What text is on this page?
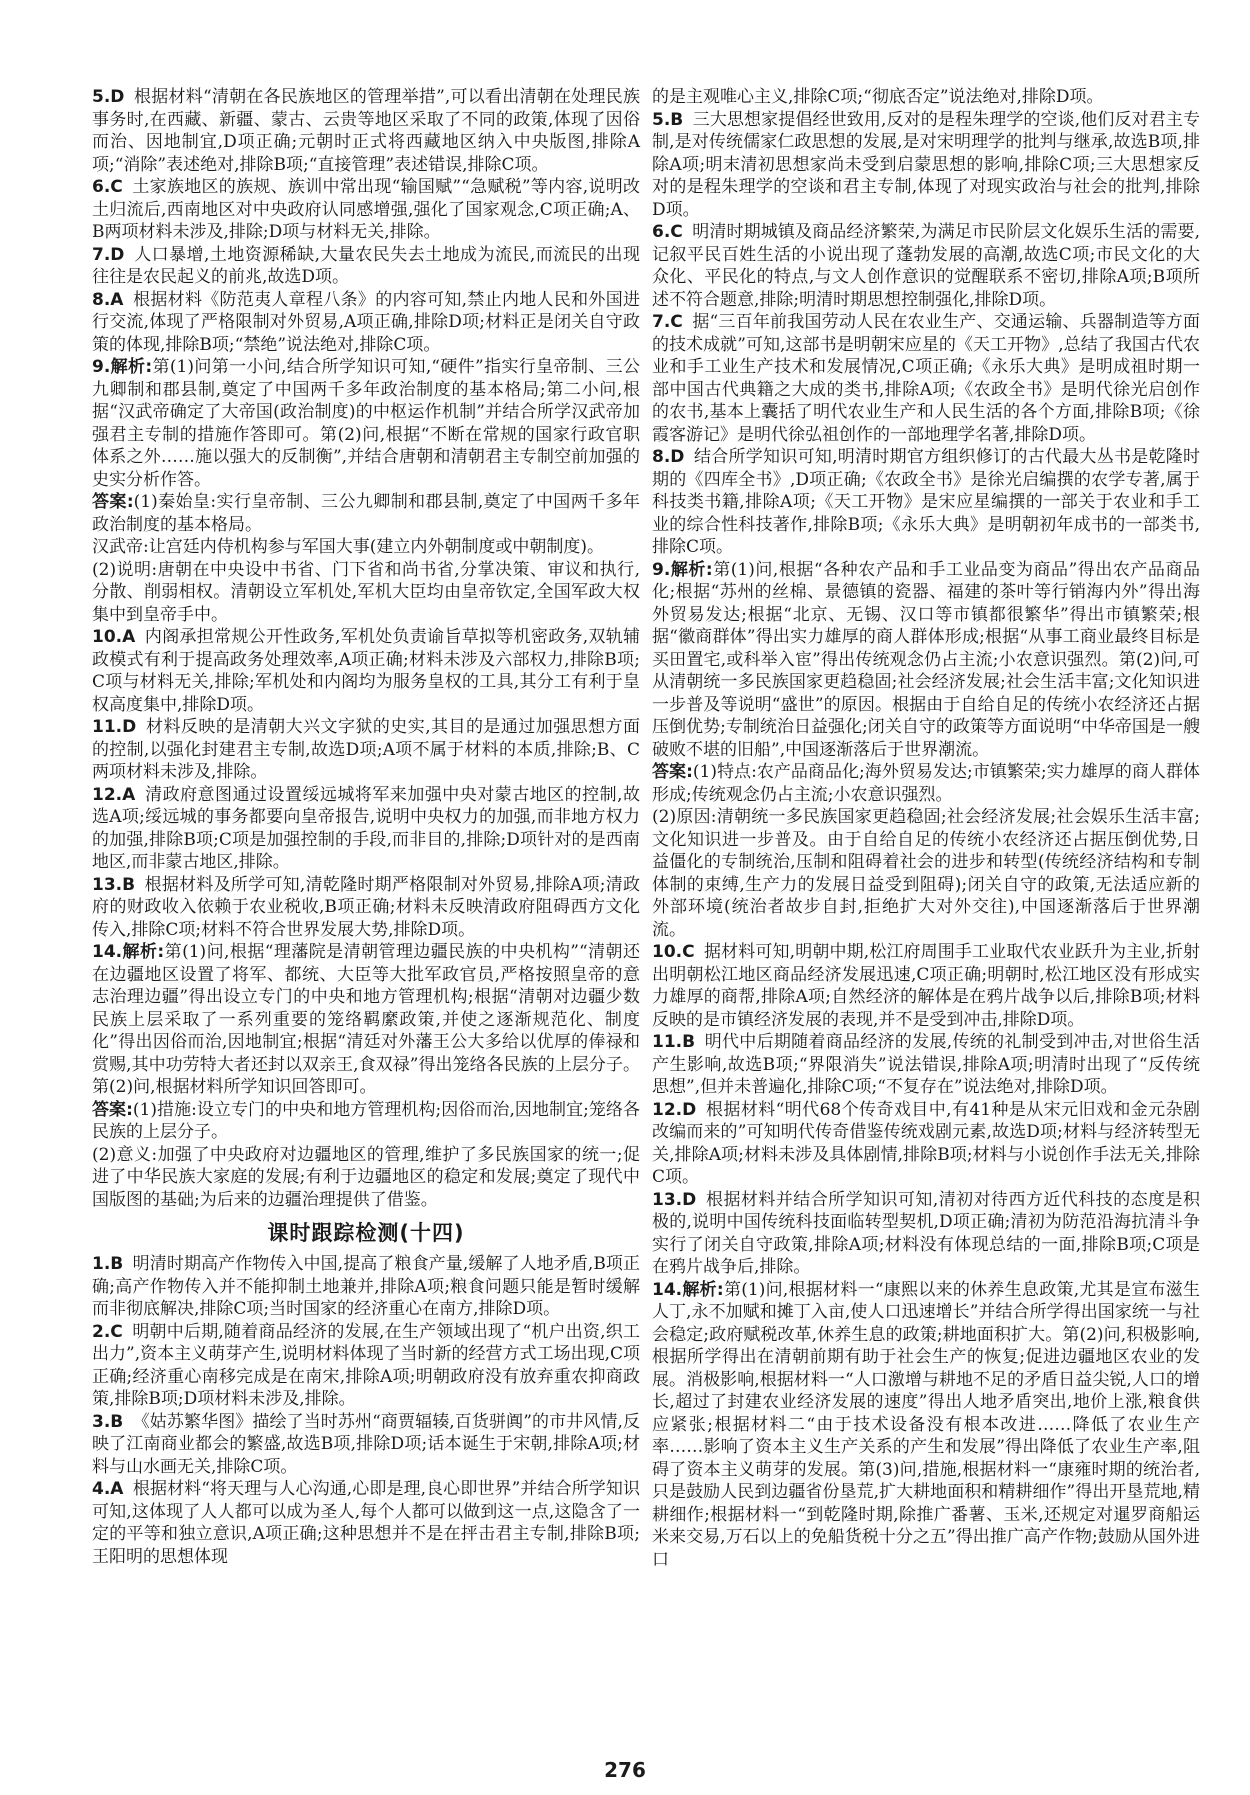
5.D 根据材料“清朝在各民族地区的管理举措”,可以看出清朝在处理民族事务时,在西藏、新疆、蒙古、云贵等地区采取了不同的政策,体现了因俗而治、因地制宜,D项正确;元朝时正式将西藏地区纳入中央版图,排除A项;“消除”表述绝对,排除B项;“直接管理”表述错误,排除C项。

6.C 土家族地区的族规、族训中常出现“输国赋”“急赋税”等内容,说明改土归流后,西南地区对中央政府认同感增强,强化了国家观念,C项正确;A、B两项材料未涉及,排除;D项与材料无关,排除。

7.D 人口暴增,土地资源稀缺,大量农民失去土地成为流民,而流民的出现往往是农民起义的前兆,故选D项。

8.A 根据材料《防范夷人章程八条》的内容可知,禁止内地人民和外国进行交流,体现了严格限制对外贸易,A项正确,排除D项;材料正是闭关自守政策的体现,排除B项;“禁绝”说法绝对,排除C项。

9.解析:第(1)问第一小问,结合所学知识可知,“硬件”指实行皇帝制、三公九卿制和郡县制,奠定了中国两千多年政治制度的基本格局;第二小问,根据“汉武帝确定了大帝国(政治制度)的中枢运作机制”并结合所学汉武帝加强君主专制的措施作答即可。第(2)问,根据“不断在常规的国家行政官职体系之外……施以强大的反制衡”,并结合唐朝和清朝君主专制空前加强的史实分析作答。

答案:(1)秦始皇:实行皇帝制、三公九卿制和郡县制,奠定了中国两千多年政治制度的基本格局。

汉武帝:让宫廷内侍机构参与军国大事(建立内外朝制度或中朝制度)。

(2)说明:唐朝在中央设中书省、门下省和尚书省,分掌决策、审议和执行,分散、削弱相权。清朝设立军机处,军机大臣均由皇帝钦定,全国军政大权集中到皇帝手中。

10.A 内阁承担常规公开性政务,军机处负责谕旨草拟等机密政务,双轨辅政模式有利于提高政务处理效率,A项正确;材料未涉及六部权力,排除B项;C项与材料无关,排除;军机处和内阁均为服务皇权的工具,其分工有利于皇权高度集中,排除D项。

11.D 材料反映的是清朝大兴文字狱的史实,其目的是通过加强思想方面的控制,以强化封建君主专制,故选D项;A项不属于材料的本质,排除;B、C两项材料未涉及,排除。

12.A 清政府意图通过设置绥远城将军来加强中央对蒙古地区的控制,故选A项;绥远城的事务都要向皇帝报告,说明中央权力的加强,而非地方权力的加强,排除B项;C项是加强控制的手段,而非目的,排除;D项针对的是西南地区,而非蒙古地区,排除。

13.B 根据材料及所学可知,清乾隆时期严格限制对外贸易,排除A项;清政府的财政收入依赖于农业税收,B项正确;材料未反映清政府阻碍西方文化传入,排除C项;材料不符合世界发展大势,排除D项。

14.解析:第(1)问,根据“理藩院是清朝管理边疆民族的中央机构”“清朝还在边疆地区设置了将军、都统、大臣等大批军政官员,严格按照皇帝的意志治理边疆”得出设立专门的中央和地方管理机构;根据“清朝对边疆少数民族上层采取了一系列重要的笼络羁縻政策,并使之逐渐规范化、制度化”得出因俗而治,因地制宜;根据“清廷对外藩王公大多给以优厚的俸禄和赏赐,其中功劳特大者还封以双亲王,食双禄”得出笼络各民族的上层分子。第(2)问,根据材料所学知识回答即可。

答案:(1)措施:设立专门的中央和地方管理机构;因俗而治,因地制宜;笼络各民族的上层分子。

(2)意义:加强了中央政府对边疆地区的管理,维护了多民族国家的统一;促进了中华民族大家庭的发展;有利于边疆地区的稳定和发展;奠定了现代中国版图的基础;为后来的边疆治理提供了借鉴。

课时跟踪检测(十四)

1.B 明清时期高产作物传入中国,提高了粮食产量,缓解了人地矛盾,B项正确;高产作物传入并不能抑制土地兼并,排除A项;粮食问题只能是暂时缓解而非彻底解决,排除C项;当时国家的经济重心在南方,排除D项。

2.C 明朝中后期,随着商品经济的发展,在生产领域出现了“机户出资,织工出力”,资本主义萌芽产生,说明材料体现了当时新的经营方式工场出现,C项正确;经济重心南移完成是在南宋,排除A项;明朝政府没有放弃重农抑商政策,排除B项;D项材料未涉及,排除。

3.B 《姑苏繁华图》描绘了当时苏州“商贾辐辏,百货骈阗”的市井风情,反映了江南商业都会的繁盛,故选B项,排除D项;话本诞生于宋朝,排除A项;材料与山水画无关,排除C项。

4.A 根据材料“将天理与人心沟通,心即是理,良心即世界”并结合所学知识可知,这体现了人人都可以成为圣人,每个人都可以做到这一点,这隐含了一定的平等和独立意识,A项正确;这种思想并不是在抨击君主专制,排除B项;王阳明的思想体现

的是主观唯心主义,排除C项;“彻底否定”说法绝对,排除D项。

5.B 三大思想家提倡经世致用,反对的是程朱理学的空谈,他们反对君主专制,是对传统儒家仁政思想的发展,是对宋明理学的批判与继承,故选B项,排除A项;明末清初思想家尚未受到启蒙思想的影响,排除C项;三大思想家反对的是程朱理学的空谈和君主专制,体现了对现实政治与社会的批判,排除D项。

6.C 明清时期城镇及商品经济繁荣,为满足市民阶层文化娱乐生活的需要,记叙平民百姓生活的小说出现了蓬勃发展的高潮,故选C项;市民文化的大众化、平民化的特点,与文人创作意识的觉醒联系不密切,排除A项;B项所述不符合题意,排除;明清时期思想控制强化,排除D项。

7.C 据“三百年前我国劳动人民在农业生产、交通运输、兵器制造等方面的技术成就”可知,这部书是明朝宋应星的《天工开物》,总结了我国古代农业和手工业生产技术和发展情况,C项正确;《永乐大典》是明成祖时期一部中国古代典籍之大成的类书,排除A项;《农政全书》是明代徐光启创作的农书,基本上囊括了明代农业生产和人民生活的各个方面,排除B项;《徐霞客游记》是明代徐弘祖创作的一部地理学名著,排除D项。

8.D 结合所学知识可知,明清时期官方组织修订的古代最大丛书是乾隆时期的《四库全书》,D项正确;《农政全书》是徐光启编撰的农学专著,属于科技类书籍,排除A项;《天工开物》是宋应星编撰的一部关于农业和手工业的综合性科技著作,排除B项;《永乐大典》是明朝初年成书的一部类书,排除C项。

9.解析:第(1)问,根据“各种农产品和手工业品变为商品”得出农产品商品化;根据“苏州的丝棉、景德镇的瓷器、福建的茶叶等行销海内外”得出海外贸易发达;根据“北京、无锡、汉口等市镇都很繁华”得出市镇繁荣;根据“徽商群体”得出实力雄厚的商人群体形成;根据“从事工商业最终目标是买田置宅,或科举入宦”得出传统观念仍占主流;小农意识强烈。第(2)问,可从清朝统一多民族国家更趋稳固;社会经济发展;社会生活丰富;文化知识进一步普及等说明“盛世”的原因。根据由于自给自足的传统小农经济还占据压倒优势;专制统治日益强化;闭关自守的政策等方面说明“中华帝国是一艘破败不堪的旧船”,中国逐渐落后于世界潮流。

答案:(1)特点:农产品商品化;海外贸易发达;市镇繁荣;实力雄厚的商人群体形成;传统观念仍占主流;小农意识强烈。

(2)原因:清朝统一多民族国家更趋稳固;社会经济发展;社会娱乐生活丰富;文化知识进一步普及。由于自给自足的传统小农经济还占据压倒优势,日益僵化的专制统治,压制和阻碍着社会的进步和转型(传统经济结构和专制体制的束缚,生产力的发展日益受到阻碍);闭关自守的政策,无法适应新的外部环境(统治者故步自封,拒绝扩大对外交往),中国逐渐落后于世界潮流。

10.C 据材料可知,明朝中期,松江府周围手工业取代农业跃升为主业,折射出明朝松江地区商品经济发展迅速,C项正确;明朝时,松江地区没有形成实力雄厚的商帮,排除A项;自然经济的解体是在鸦片战争以后,排除B项;材料反映的是市镇经济发展的表现,并不是受到冲击,排除D项。

11.B 明代中后期随着商品经济的发展,传统的礼制受到冲击,对世俗生活产生影响,故选B项;“界限消失”说法错误,排除A项;明清时出现了“反传统思想”,但并未普遍化,排除C项;“不复存在”说法绝对,排除D项。

12.D 根据材料“明代68个传奇戏目中,有41种是从宋元旧戏和金元杂剧改编而来的”可知明代传奇借鉴传统戏剧元素,故选D项;材料与经济转型无关,排除A项;材料未涉及具体剧情,排除B项;材料与小说创作手法无关,排除C项。

13.D 根据材料并结合所学知识可知,清初对待西方近代科技的态度是积极的,说明中国传统科技面临转型契机,D项正确;清初为防范沿海抗清斗争实行了闭关自守政策,排除A项;材料没有体现总结的一面,排除B项;C项是在鸦片战争后,排除。

14.解析:第(1)问,根据材料一“康熙以来的休养生息政策,尤其是宣布滋生人丁,永不加赋和摊丁入亩,使人口迅速增长”并结合所学得出国家统一与社会稳定;政府赋税改革,休养生息的政策;耕地面积扩大。第(2)问,积极影响,根据所学得出在清朝前期有助于社会生产的恢复;促进边疆地区农业的发展。消极影响,根据材料一“人口激增与耕地不足的矛盾日益尖锐,人口的增长,超过了封建农业经济发展的速度”得出人地矛盾突出,地价上涨,粮食供应紧张;根据材料二“由于技术设备没有根本改进……降低了农业生产率……影响了资本主义生产关系的产生和发展”得出降低了农业生产率,阻碍了资本主义萌芽的发展。第(3)问,措施,根据材料一“康雍时期的统治者,只是鼓励人民到边疆省份垦荒,扩大耕地面积和精耕细作”得出开垦荒地,精耕细作;根据材料一“到乾隆时期,除推广番薯、玉米,还规定对暹罗商船运米来交易,万石以上的免船货税十分之五”得出推广高产作物;鼓励从国外进口

276
